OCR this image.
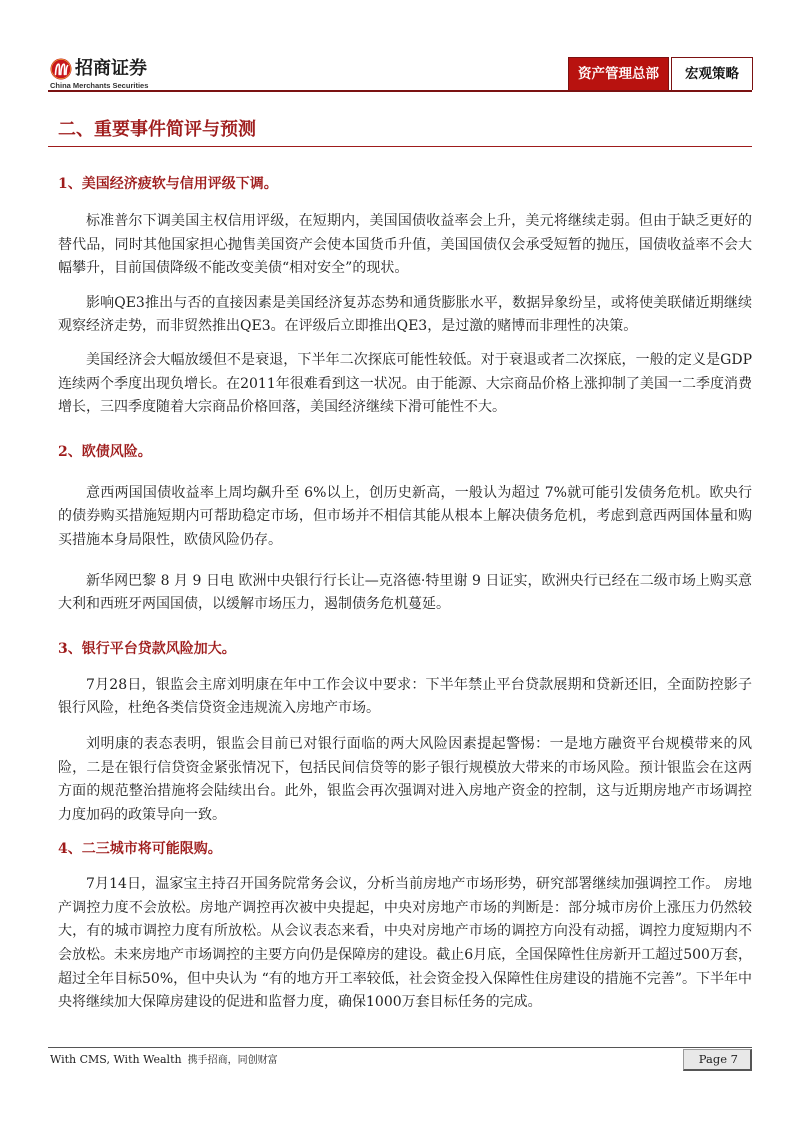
招商证券
China Merchants Securities
资产管理总部	宏观策略
二、重要事件简评与预测
1、美国经济疲软与信用评级下调。

标准普尔下调美国主权信用评级，在短期内，美国国债收益率会上升，美元将继续走弱。但由于缺乏更好的替代品，同时其他国家担心抛售美国资产会使本国货币升值，美国国债仅会承受短暂的抛压，国债收益率不会大幅攀升，目前国债降级不能改变美债“相对安全”的现状。

影响QE3推出与否的直接因素是美国经济复苏态势和通货膨胀水平，数据异象纷呈，或将使美联储近期继续观察经济走势，而非贸然推出QE3。在评级后立即推出QE3，是过激的赌博而非理性的决策。

美国经济会大幅放缓但不是衰退，下半年二次探底可能性较低。对于衰退或者二次探底，一般的定义是GDP连续两个季度出现负增长。在2011年很难看到这一状况。由于能源、大宗商品价格上涨抑制了美国一二季度消费增长，三四季度随着大宗商品价格回落，美国经济继续下滑可能性不大。

2、欧债风险。

意西两国国债收益率上周均飙升至 6%以上，创历史新高，一般认为超过 7%就可能引发债务危机。欧央行的债券购买措施短期内可帮助稳定市场，但市场并不相信其能从根本上解决债务危机，考虑到意西两国体量和购买措施本身局限性，欧债风险仍存。

新华网巴黎 8 月 9 日电 欧洲中央银行行长让—克洛德·特里谢 9 日证实，欧洲央行已经在二级市场上购买意大利和西班牙两国国债，以缓解市场压力，遏制债务危机蔓延。

3、银行平台贷款风险加大。

7月28日，银监会主席刘明康在年中工作会议中要求：下半年禁止平台贷款展期和贷新还旧，全面防控影子银行风险，杜绝各类信贷资金违规流入房地产市场。

刘明康的表态表明，银监会目前已对银行面临的两大风险因素提起警惕：一是地方融资平台规模带来的风险，二是在银行信贷资金紧张情况下，包括民间信贷等的影子银行规模放大带来的市场风险。预计银监会在这两方面的规范整治措施将会陆续出台。此外，银监会再次强调对进入房地产资金的控制，这与近期房地产市场调控力度加码的政策导向一致。

4、二三城市将可能限购。

7月14日，温家宝主持召开国务院常务会议，分析当前房地产市场形势，研究部署继续加强调控工作。 房地产调控力度不会放松。房地产调控再次被中央提起，中央对房地产市场的判断是：部分城市房价上涨压力仍然较大，有的城市调控力度有所放松。从会议表态来看，中央对房地产市场的调控方向没有动摇，调控力度短期内不会放松。未来房地产市场调控的主要方向仍是保障房的建设。截止6月底，全国保障性住房新开工超过500万套，超过全年目标50%，但中央认为 “有的地方开工率较低，社会资金投入保障性住房建设的措施不完善”。下半年中央将继续加大保障房建设的促进和监督力度，确保1000万套目标任务的完成。

With CMS, With Wealth 携手招商，同创财富	Page 7
